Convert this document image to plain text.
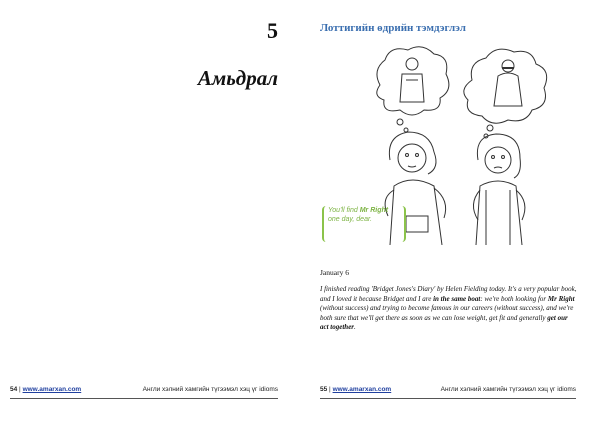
5
Амьдрал
54 | www.amarxan.com	Англи хэлний хамгийн түгээмэл хэц үг idioms
Лоттигийн өдрийн тэмдэглэл
You'll find Mr Right one day, dear.
January 6
I finished reading 'Bridget Jones's Diary' by Helen Fielding today. It's a very popular book, and I loved it because Bridget and I are in the same boat: we're both looking for Mr Right (without success) and trying to become famous in our careers (without success), and we're both sure that we'll get there as soon as we can lose weight, get fit and generally get our act together.
55 | www.amarxan.com	Англи хэлний хамгийн түгээмэл хэц үг idioms
